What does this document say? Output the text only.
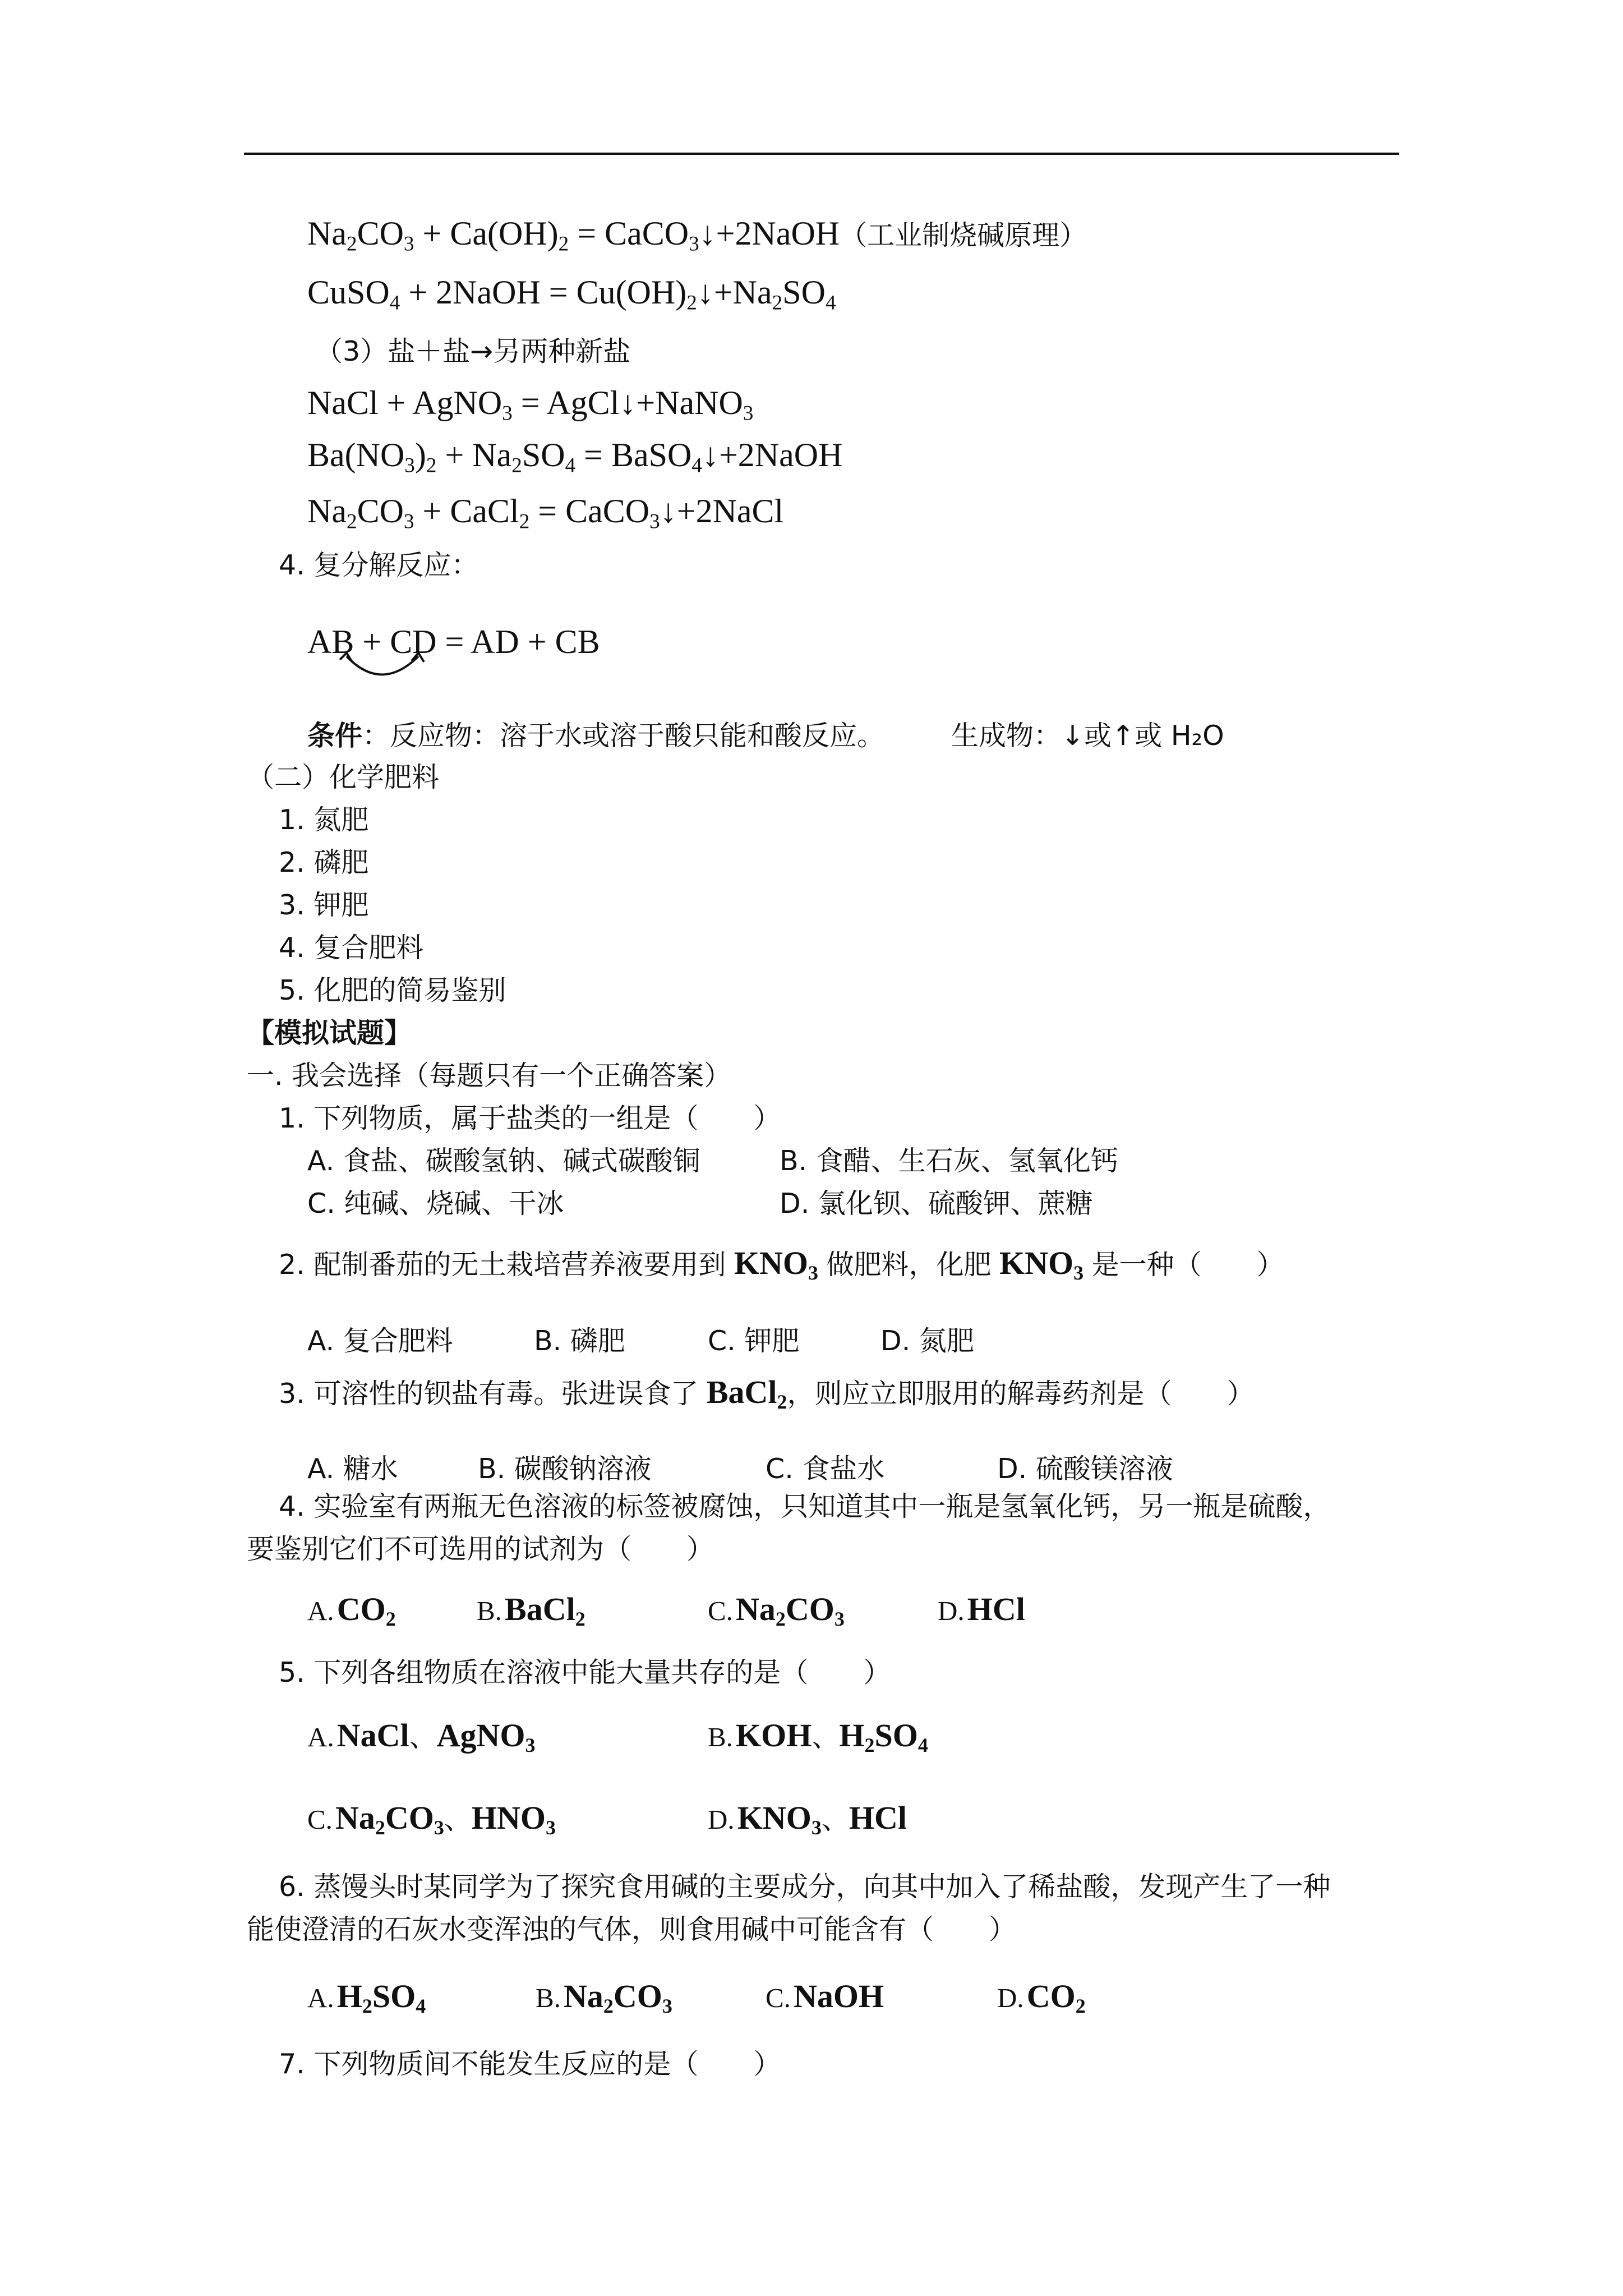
$Na_2CO_3 + Ca(OH)_2$ = CaCO$_3$↓+2NaOH（工业制烧碱原理）
CuSO$_4$ + 2NaOH = $Cu(OH)_2↓+Na_2SO_4$
（3）盐＋盐→另两种新盐
NaCl + AgNO$_3$ = AgCl↓+NaNO$_3$
$Ba(NO_3)_2 + Na_2SO_4$ = BaSO$_4$↓+2NaOH
$Na_2CO_3$ + CaCl$_2$ = CaCO$_3$↓+2NaCl
4. 复分解反应：
AB + CD = AD + CB
条件：反应物：溶于水或溶于酸只能和酸反应。 生成物：↓或↑或 H₂O
（二）化学肥料
1. 氮肥
2. 磷肥
3. 钾肥
4. 复合肥料
5. 化肥的简易鉴别
【模拟试题】
一. 我会选择（每题只有一个正确答案）
1. 下列物质，属于盐类的一组是（　　）
A. 食盐、碳酸氢钠、碱式碳酸铜	B. 食醋、生石灰、氢氧化钙
C. 纯碱、烧碱、干冰	D. 氯化钡、硫酸钾、蔗糖
2. 配制番茄的无土栽培营养液要用到 $KNO_3$ 做肥料，化肥 $KNO_3$ 是一种（　　）
A. 复合肥料	B. 磷肥	C. 钾肥	D. 氮肥
3. 可溶性的钡盐有毒。张进误食了 BaCl$_2$，则应立即服用的解毒药剂是（　　）
A. 糖水	B. 碳酸钠溶液	C. 食盐水	D. 硫酸镁溶液
4. 实验室有两瓶无色溶液的标签被腐蚀，只知道其中一瓶是氢氧化钙，另一瓶是硫酸，
要鉴别它们不可选用的试剂为（　　）
A. $CO_2$	B. BaCl$_2$	C. $Na_2CO_3$	D. HCl
5. 下列各组物质在溶液中能大量共存的是（　　）
A. NaCl、AgNO$_3$	B. KOH、$H_2SO_4$
C. $Na_2CO_3$、$HNO_3$	D. $KNO_3$、HCl
6. 蒸馒头时某同学为了探究食用碱的主要成分，向其中加入了稀盐酸，发现产生了一种
能使澄清的石灰水变浑浊的气体，则食用碱中可能含有（　　）
A. $H_2SO_4$	B. $Na_2CO_3$	C. NaOH	D. $CO_2$
7. 下列物质间不能发生反应的是（　　）
